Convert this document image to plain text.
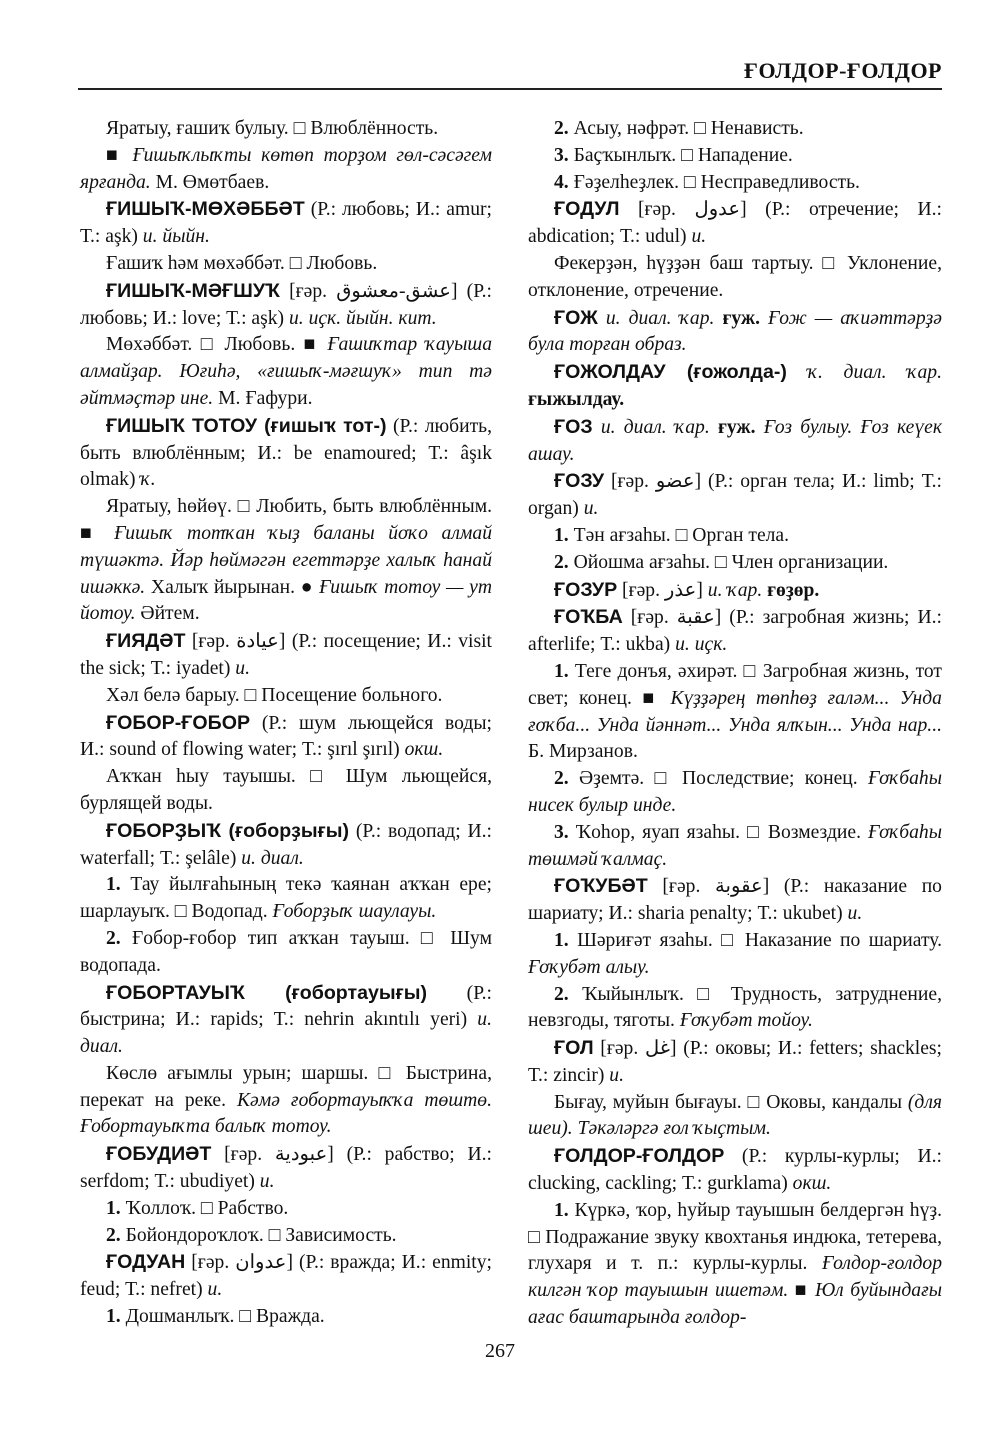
ҒОЛДОР-ҒОЛДОР

Яратыу, ғашиҡ булыу. □ Влюблённость.

■ Ғишыҡлыҡты көтөп торҙом гөл-сәсәгем ярғанда. М. Өмөтбаев.

ҒИШЫҠ-МӨХӘББӘТ (Р.: любовь; И.: amur; Т.: aşk) и. йыйн.

Ғашиҡ һәм мөхәббәт. □ Любовь.

ҒИШЫҠ-МӘҒШУҠ [ғәр. عشق-معشوق] (Р.: любовь; И.: love; Т.: aşk) и. иҫк. йыйн. кит.

Мөхәббәт. □ Любовь. ■ Ғашиҡтар ҡауыша алмайҙар. Юғиһә, «ғишыҡ-мәғшуҡ» тип тә әйтмәҫтәр ине. М. Ғафури.

ҒИШЫҠ ТОТОУ (ғишыҡ тот-) (Р.: любить, быть влюблённым; И.: be enamoured; Т.: âşık olmak) ҡ.

Яратыу, һөйөү. □ Любить, быть влюблённым. ■ Ғишыҡ тотҡан ҡыҙ баланы йоҡо алмай түшәктә. Йәр һөймәгән егеттәрҙе халыҡ һанай ишәккә. Халыҡ йырынан. ● Ғишыҡ тотоу — ут йотоу. Әйтем.

ҒИЯДӘТ [ғәр. عيادة] (Р.: посещение; И.: visit the sick; Т.: iyadet) и.

Хәл белә барыу. □ Посещение больного.

ҒОБОР-ҒОБОР (Р.: шум льющейся воды; И.: sound of flowing water; Т.: şırıl şırıl) окш.

Аҡҡан һыу тауышы. □ Шум льющейся, бурлящей воды.

ҒОБОРҘЫҠ (ғоборҙығы) (Р.: водопад; И.: waterfall; Т.: şelâle) и. диал.

1. Тау йылғаһының текә ҡаянан аҡҡан ере; шарлауыҡ. □ Водопад. Ғоборҙыҡ шаулауы.

2. Ғобор-ғобор тип аҡҡан тауыш. □ Шум водопада.

ҒОБОРТАУЫҠ (ғобортауығы) (Р.: быстрина; И.: rapids; Т.: nehrin akıntılı yeri) и. диал.

Көслө ағымлы урын; шаршы. □ Быстрина, перекат на реке. Кәмә ғобортауыҡҡа төштө. Ғобортауыҡта балыҡ тотоу.

ҒОБУДИӘТ [ғәр. عبودية] (Р.: рабство; И.: serfdom; Т.: ubudiyet) и.

1. Ҡоллоҡ. □ Рабство.

2. Бойондороҡлоҡ. □ Зависимость.

ҒОДУАН [ғәр. عدوان] (Р.: вражда; И.: enmity; feud; Т.: nefret) и.

1. Дошманлыҡ. □ Вражда.

2. Асыу, нәфрәт. □ Ненависть.

3. Баҫҡынлыҡ. □ Нападение.

4. Ғәҙелһеҙлек. □ Несправедливость.

ҒОДУЛ [ғәр. عدول] (Р.: отречение; И.: abdication; Т.: udul) и.

Фекерҙән, һүҙҙән баш тартыу. □ Уклонение, отклонение, отречение.

ҒОЖ и. диал. ҡар. ғуж. Ғож — аҡиәттәрҙә була торған образ.

ҒОЖОЛДАУ (ғожолда-) ҡ. диал. ҡар. ғыжылдау.

ҒОЗ и. диал. ҡар. ғуж. Ғоз булыу. Ғоз кеүек ашау.

ҒОЗУ [ғәр. عضو] (Р.: орган тела; И.: limb; Т.: organ) и.

1. Тән ағзаһы. □ Орган тела.

2. Ойошма ағзаһы. □ Член организации.

ҒОЗУР [ғәр. عذر] и. ҡар. ғөҙөр.

ҒОҠБА [ғәр. عقبة] (Р.: загробная жизнь; И.: afterlife; Т.: ukba) и. иҫк.

1. Теге донъя, әхирәт. □ Загробная жизнь, тот свет; конец. ■ Күҙҙәрең төпһөҙ ғаләм... Унда ғоҡба... Унда йәннәт... Унда ялҡын... Унда нар... Б. Мирзанов.

2. Әҙемтә. □ Последствие; конец. Ғоҡбаһы нисек булыр инде.

3. Ҡоһор, яуап язаһы. □ Возмездие. Ғоҡбаһы төшмәй ҡалмаҫ.

ҒОҠУБӘТ [ғәр. عقوبة] (Р.: наказание по шариату; И.: sharia penalty; Т.: ukubet) и.

1. Шәриғәт язаһы. □ Наказание по шариату. Ғоҡубәт алыу.

2. Ҡыйынлыҡ. □ Трудность, затруднение, невзгоды, тяготы. Ғоҡубәт тойоу.

ҒОЛ [ғәр. غل] (Р.: оковы; И.: fetters; shackles; Т.: zincir) и.

Бығау, муйын бығауы. □ Оковы, кандалы (для шеи). Тәкәләргә ғол ҡыҫтым.

ҒОЛДОР-ҒОЛДОР (Р.: курлы-курлы; И.: clucking, cackling; Т.: gurklama) окш.

1. Күркә, ҡор, һуйыр тауышын белдергән һүҙ. □ Подражание звуку квохтанья индюка, тетерева, глухаря и т. п.: курлы-курлы. Ғолдор-ғолдор килгән ҡор тауышын ишетәм. ■ Юл буйындағы ағас баштарында ғолдор-

267
